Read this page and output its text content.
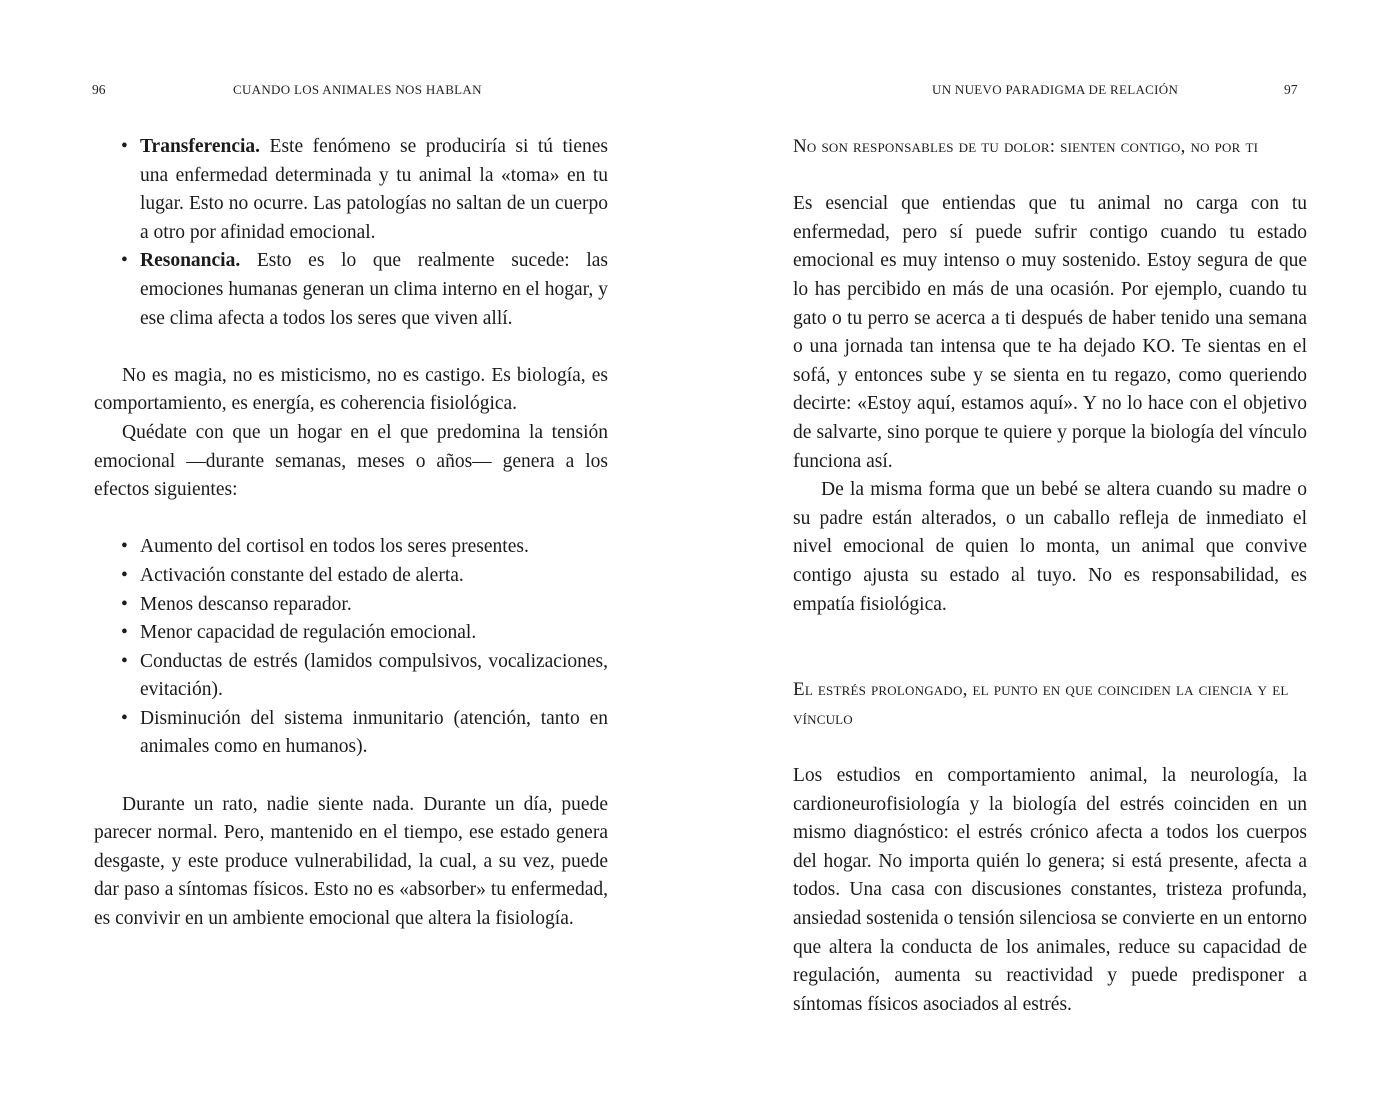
96	CUANDO LOS ANIMALES NOS HABLAN
• Transferencia. Este fenómeno se produciría si tú tienes una enfermedad determinada y tu animal la «toma» en tu lugar. Esto no ocurre. Las patologías no saltan de un cuerpo a otro por afinidad emocional.
• Resonancia. Esto es lo que realmente sucede: las emociones humanas generan un clima interno en el hogar, y ese clima afecta a todos los seres que viven allí.

No es magia, no es misticismo, no es castigo. Es biología, es comportamiento, es energía, es coherencia fisiológica.

Quédate con que un hogar en el que predomina la tensión emocional —durante semanas, meses o años— genera a los efectos siguientes:

• Aumento del cortisol en todos los seres presentes.
• Activación constante del estado de alerta.
• Menos descanso reparador.
• Menor capacidad de regulación emocional.
• Conductas de estrés (lamidos compulsivos, vocalizaciones, evitación).
• Disminución del sistema inmunitario (atención, tanto en animales como en humanos).

Durante un rato, nadie siente nada. Durante un día, puede parecer normal. Pero, mantenido en el tiempo, ese estado genera desgaste, y este produce vulnerabilidad, la cual, a su vez, puede dar paso a síntomas físicos. Esto no es «absorber» tu enfermedad, es convivir en un ambiente emocional que altera la fisiología.

UN NUEVO PARADIGMA DE RELACIÓN	97
No son responsables de tu dolor: sienten contigo, no por ti

Es esencial que entiendas que tu animal no carga con tu enfermedad, pero sí puede sufrir contigo cuando tu estado emocional es muy intenso o muy sostenido. Estoy segura de que lo has percibido en más de una ocasión. Por ejemplo, cuando tu gato o tu perro se acerca a ti después de haber tenido una semana o una jornada tan intensa que te ha dejado KO. Te sientas en el sofá, y entonces sube y se sienta en tu regazo, como queriendo decirte: «Estoy aquí, estamos aquí». Y no lo hace con el objetivo de salvarte, sino porque te quiere y porque la biología del vínculo funciona así.

De la misma forma que un bebé se altera cuando su madre o su padre están alterados, o un caballo refleja de inmediato el nivel emocional de quien lo monta, un animal que convive contigo ajusta su estado al tuyo. No es responsabilidad, es empatía fisiológica.

El estrés prolongado, el punto en que coinciden la ciencia y el vínculo

Los estudios en comportamiento animal, la neurología, la cardioneurofisiología y la biología del estrés coinciden en un mismo diagnóstico: el estrés crónico afecta a todos los cuerpos del hogar. No importa quién lo genera; si está presente, afecta a todos. Una casa con discusiones constantes, tristeza profunda, ansiedad sostenida o tensión silenciosa se convierte en un entorno que altera la conducta de los animales, reduce su capacidad de regulación, aumenta su reactividad y puede predisponer a síntomas físicos asociados al estrés.
